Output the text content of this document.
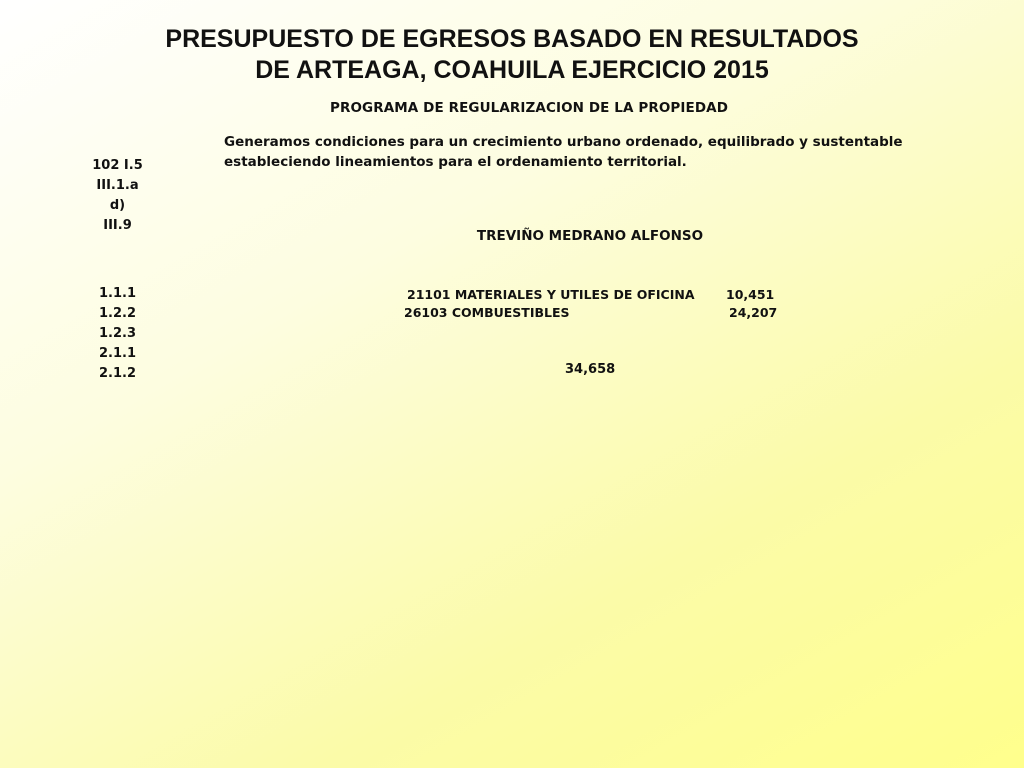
PRESUPUESTO DE EGRESOS BASADO EN RESULTADOS
DE ARTEAGA, COAHUILA EJERCICIO 2015
PROGRAMA DE REGULARIZACION DE LA PROPIEDAD
102 I.5
III.1.a
d)
III.9
1.1.1
1.2.2
1.2.3
2.1.1
2.1.2
Generamos condiciones para un crecimiento urbano ordenado, equilibrado y sustentable
estableciendo lineamientos para el ordenamiento territorial.
TREVIÑO MEDRANO ALFONSO
21101 MATERIALES Y UTILES DE OFICINA	10,451
26103 COMBUESTIBLES	24,207
34,658
